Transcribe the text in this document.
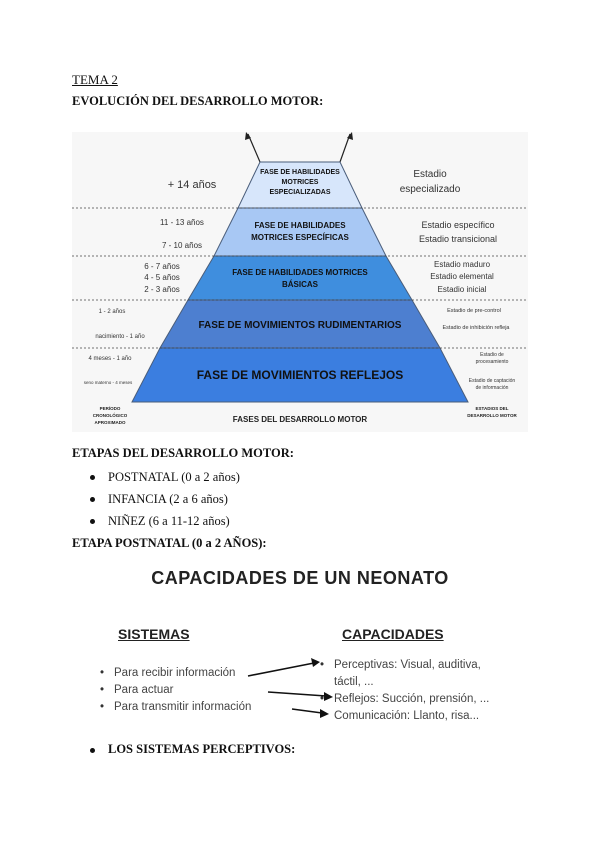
TEMA 2
EVOLUCIÓN DEL DESARROLLO MOTOR:
FASE DE HABILIDADES
MOTRICES
ESPECIALIZADAS
FASE DE HABILIDADES
MOTRICES ESPECÍFICAS
FASE DE HABILIDADES MOTRICES
BÁSICAS
FASE DE MOVIMIENTOS RUDIMENTARIOS
FASE DE MOVIMIENTOS REFLEJOS
+ 14 años
11 - 13 años
7 - 10 años
6 - 7 años
4 - 5 años
2 - 3 años
1 - 2 años
nacimiento - 1 año
4 meses - 1 año
seno materno - 4 meses
Estadio
especializado
Estadio específico
Estadio transicional
Estadio maduro
Estadio elemental
Estadio inicial
Estadio de pre-control
Estadio de inhibición refleja
Estadio de
procesamiento
Estadio de captación
de información
PERÍODO
CRONOLÓGICO
APROXIMADO	FASES DEL DESARROLLO MOTOR
ESTADIOS DEL
DESARROLLO MOTOR
ETAPAS DEL DESARROLLO MOTOR:
POSTNATAL (0 a 2 años)
INFANCIA (2 a 6 años)
NIÑEZ (6 a 11-12 años)
ETAPA POSTNATAL (0 a 2 AÑOS):
CAPACIDADES DE UN NEONATO
SISTEMAS	CAPACIDADES
• Para recibir información
• Para actuar
• Para transmitir información
• Perceptivas: Visual, auditiva,
táctil, ...
• Reflejos: Succión, prensión, ...
• Comunicación: Llanto, risa...
LOS SISTEMAS PERCEPTIVOS:
